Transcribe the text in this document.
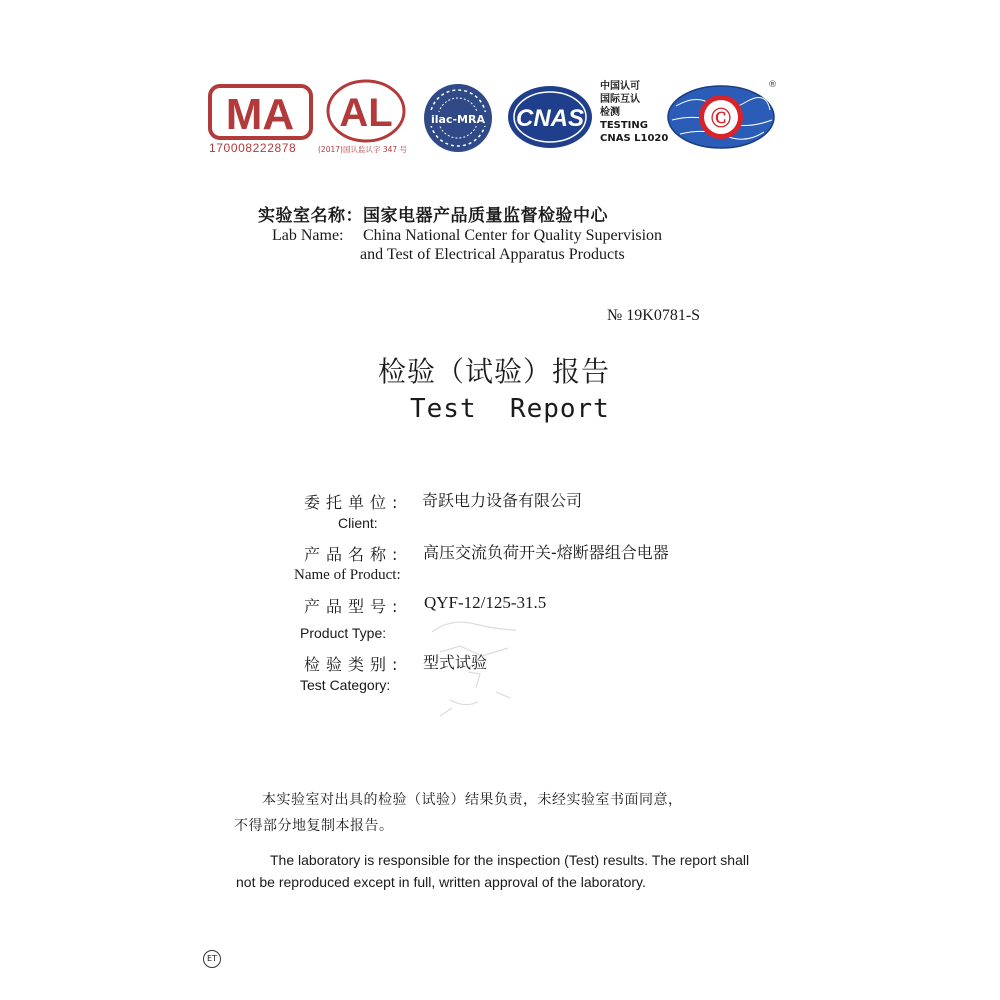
MA
170008222878
AL
(2017)国认监认字 347 号
ilac-MRA CNAS
中国认可
国际互认
检测
TESTING
CNAS L1020
Ⓒ
®
实验室名称：国家电器产品质量监督检验中心
Lab Name: China National Center for Quality Supervision
and Test of Electrical Apparatus Products
№ 19K0781-S
检验（试验）报告
Test  Report
委托单位: 奇跃电力设备有限公司
Client:
产品名称: 高压交流负荷开关-熔断器组合电器
Name of Product:
产品型号: QYF-12/125-31.5
Product Type:
检验类别: 型式试验
Test Category:
本实验室对出具的检验（试验）结果负责，未经实验室书面同意，
不得部分地复制本报告。
The laboratory is responsible for the inspection (Test) results. The report shall
not be reproduced except in full, written approval of the laboratory.
ET
